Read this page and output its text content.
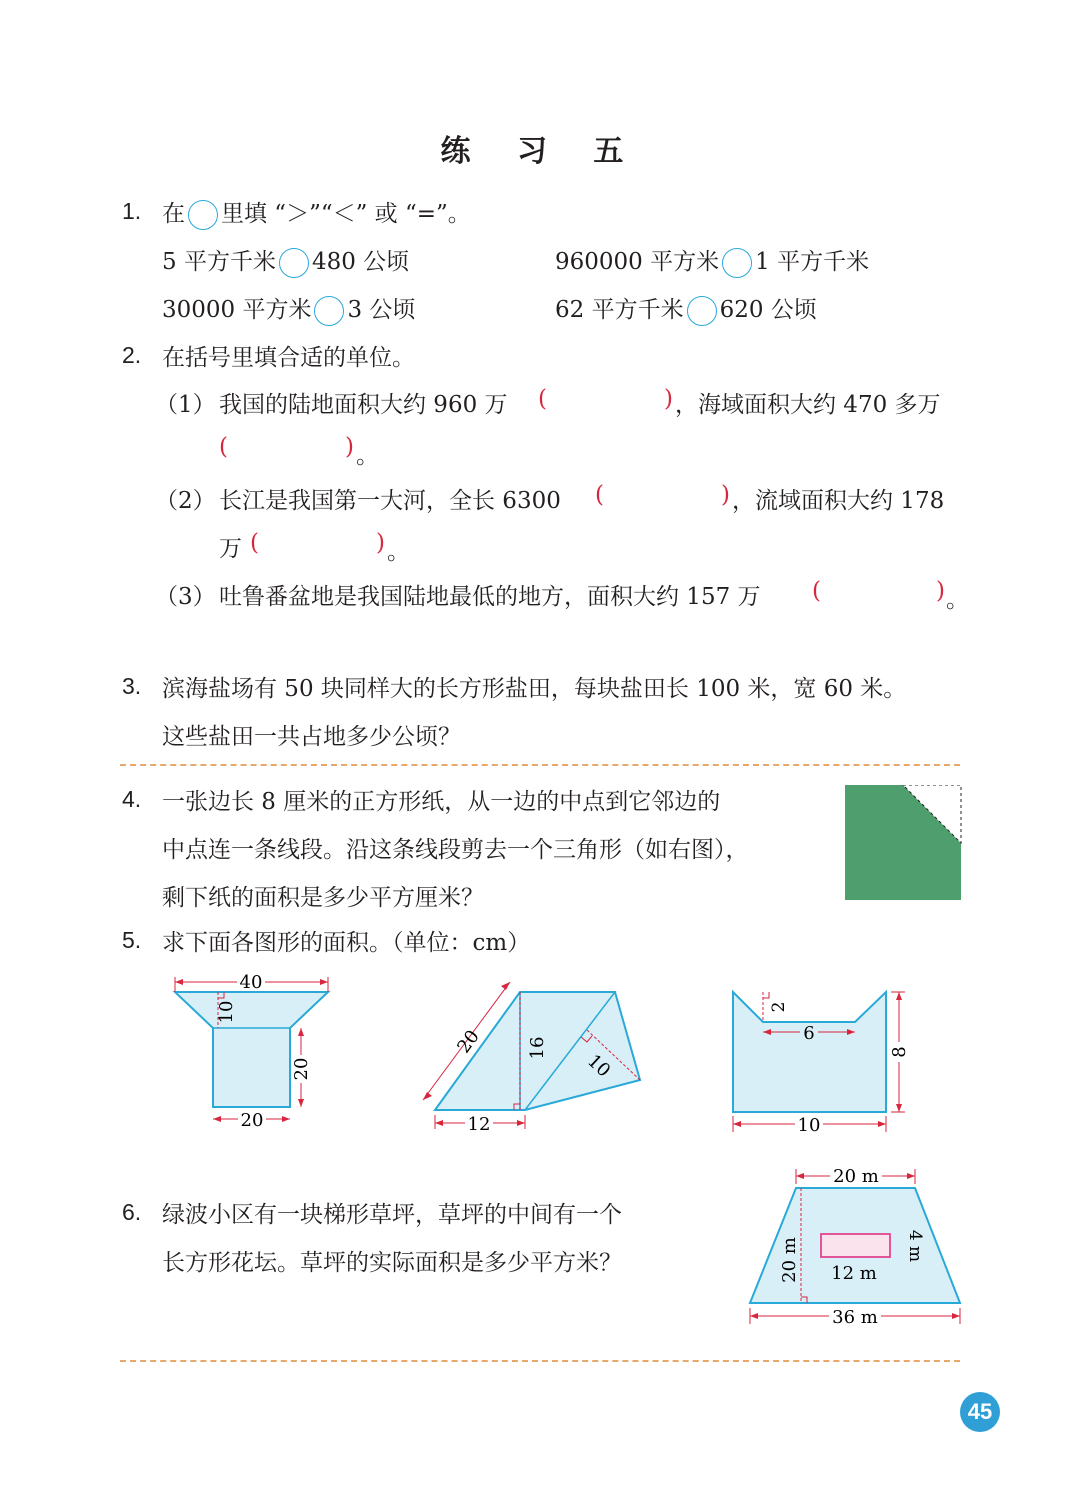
练 习 五
1. 在 里填 “＞”“＜” 或 “=”。
5 平方千米 480 公顷	960000 平方米 1 平方千米
30000 平方米 3 公顷	62 平方千米 620 公顷
2. 在括号里填合适的单位。
（1） 我国的陆地面积大约 960 万 (	) ，海域面积大约 470 多万
(	) 。
（2） 长江是我国第一大河，全长 6300 (	) ，流域面积大约 178
万 (	) 。
（3） 吐鲁番盆地是我国陆地最低的地方，面积大约 157 万 (	) 。
3. 滨海盐场有 50 块同样大的长方形盐田，每块盐田长 100 米，宽 60 米。
这些盐田一共占地多少公顷？
4. 一张边长 8 厘米的正方形纸，从一边的中点到它邻边的
中点连一条线段。沿这条线段剪去一个三角形（如右图），
剩下纸的面积是多少平方厘米？
5. 求下面各图形的面积。（单位：cm）
40
10
20
20
20 16
10
12
2
6
8
10
6. 绿波小区有一块梯形草坪，草坪的中间有一个
长方形花坛。草坪的实际面积是多少平方米？
20 m
20 m	4 m
12 m
36 m
45
